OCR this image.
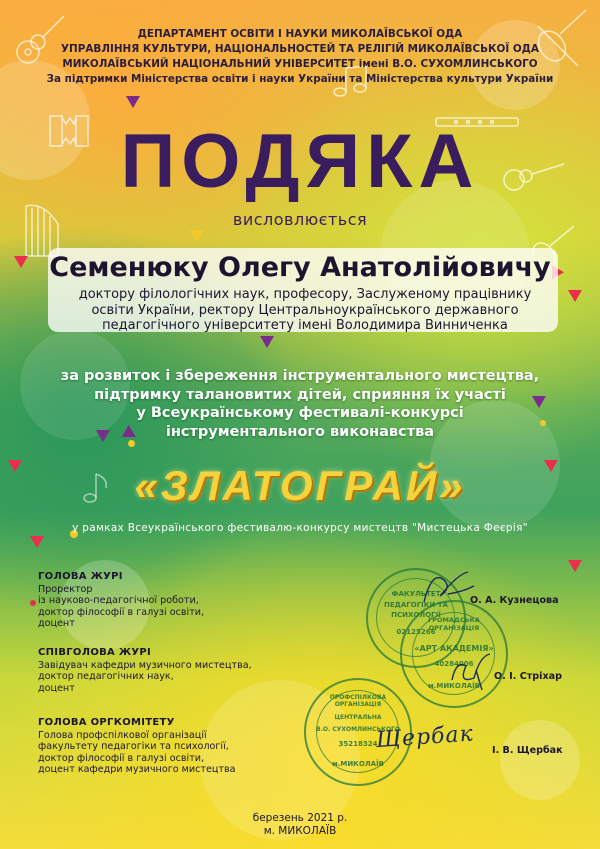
ДЕПАРТАМЕНТ ОСВІТИ І НАУКИ МИКОЛАЇВСЬКОЇ ОДА
УПРАВЛІННЯ КУЛЬТУРИ, НАЦІОНАЛЬНОСТЕЙ ТА РЕЛІГІЙ МИКОЛАЇВСЬКОЇ ОДА
МИКОЛАЇВСЬКИЙ НАЦІОНАЛЬНИЙ УНІВЕРСИТЕТ імені В.О. СУХОМЛИНСЬКОГО
За підтримки Міністерства освіти і науки України та Міністерства культури України
ПОДЯКА
висловлюється
Семенюку Олегу Анатолійовичу
доктору філологічних наук, професору, Заслуженому працівнику
освіти України, ректору Центральноукраїнського державного
педагогічного університету імені Володимира Винниченка
за розвиток і збереження інструментального мистецтва,
підтримку талановитих дітей, сприяння їх участі
у Всеукраїнському фестивалі-конкурсі
інструментального виконавства
«ЗЛАТОГРАЙ»
у рамках Всеукраїнського фестивалю-конкурсу мистецтв "Мистецька Феєрія"
ГОЛОВА ЖУРІ
Проректор
із науково-педагогічної роботи,
доктор філософії в галузі освіти,
доцент
О. А. Кузнецова
СПІВГОЛОВА ЖУРІ
Завідувач кафедри музичного мистецтва,
доктор педагогічних наук,
доцент
О. І. Стріхар
ГОЛОВА ОРГКОМІТЕТУ
Голова профспілкової організації
факультету педагогіки та психології,
доктор філософії в галузі освіти,
доцент кафедри музичного мистецтва
І. В. Щербак
ФАКУЛЬТЕТ
ПЕДАГОГІКИ ТА
ПСИХОЛОГІЇ
02125266
ГРОМАДСЬКА ОРГАНІЗАЦІЯ
«АРТ АКАДЕМІЯ»
40284006
м.МИКОЛАЇВ
ПРОФСПІЛКОВА ОРГАНІЗАЦІЯ
ЦЕНТРАЛЬНА
В.О. СУХОМЛИНСЬКОГО
35218324
м.МИКОЛАЇВ
Щербак
березень 2021 р.
м. МИКОЛАЇВ
